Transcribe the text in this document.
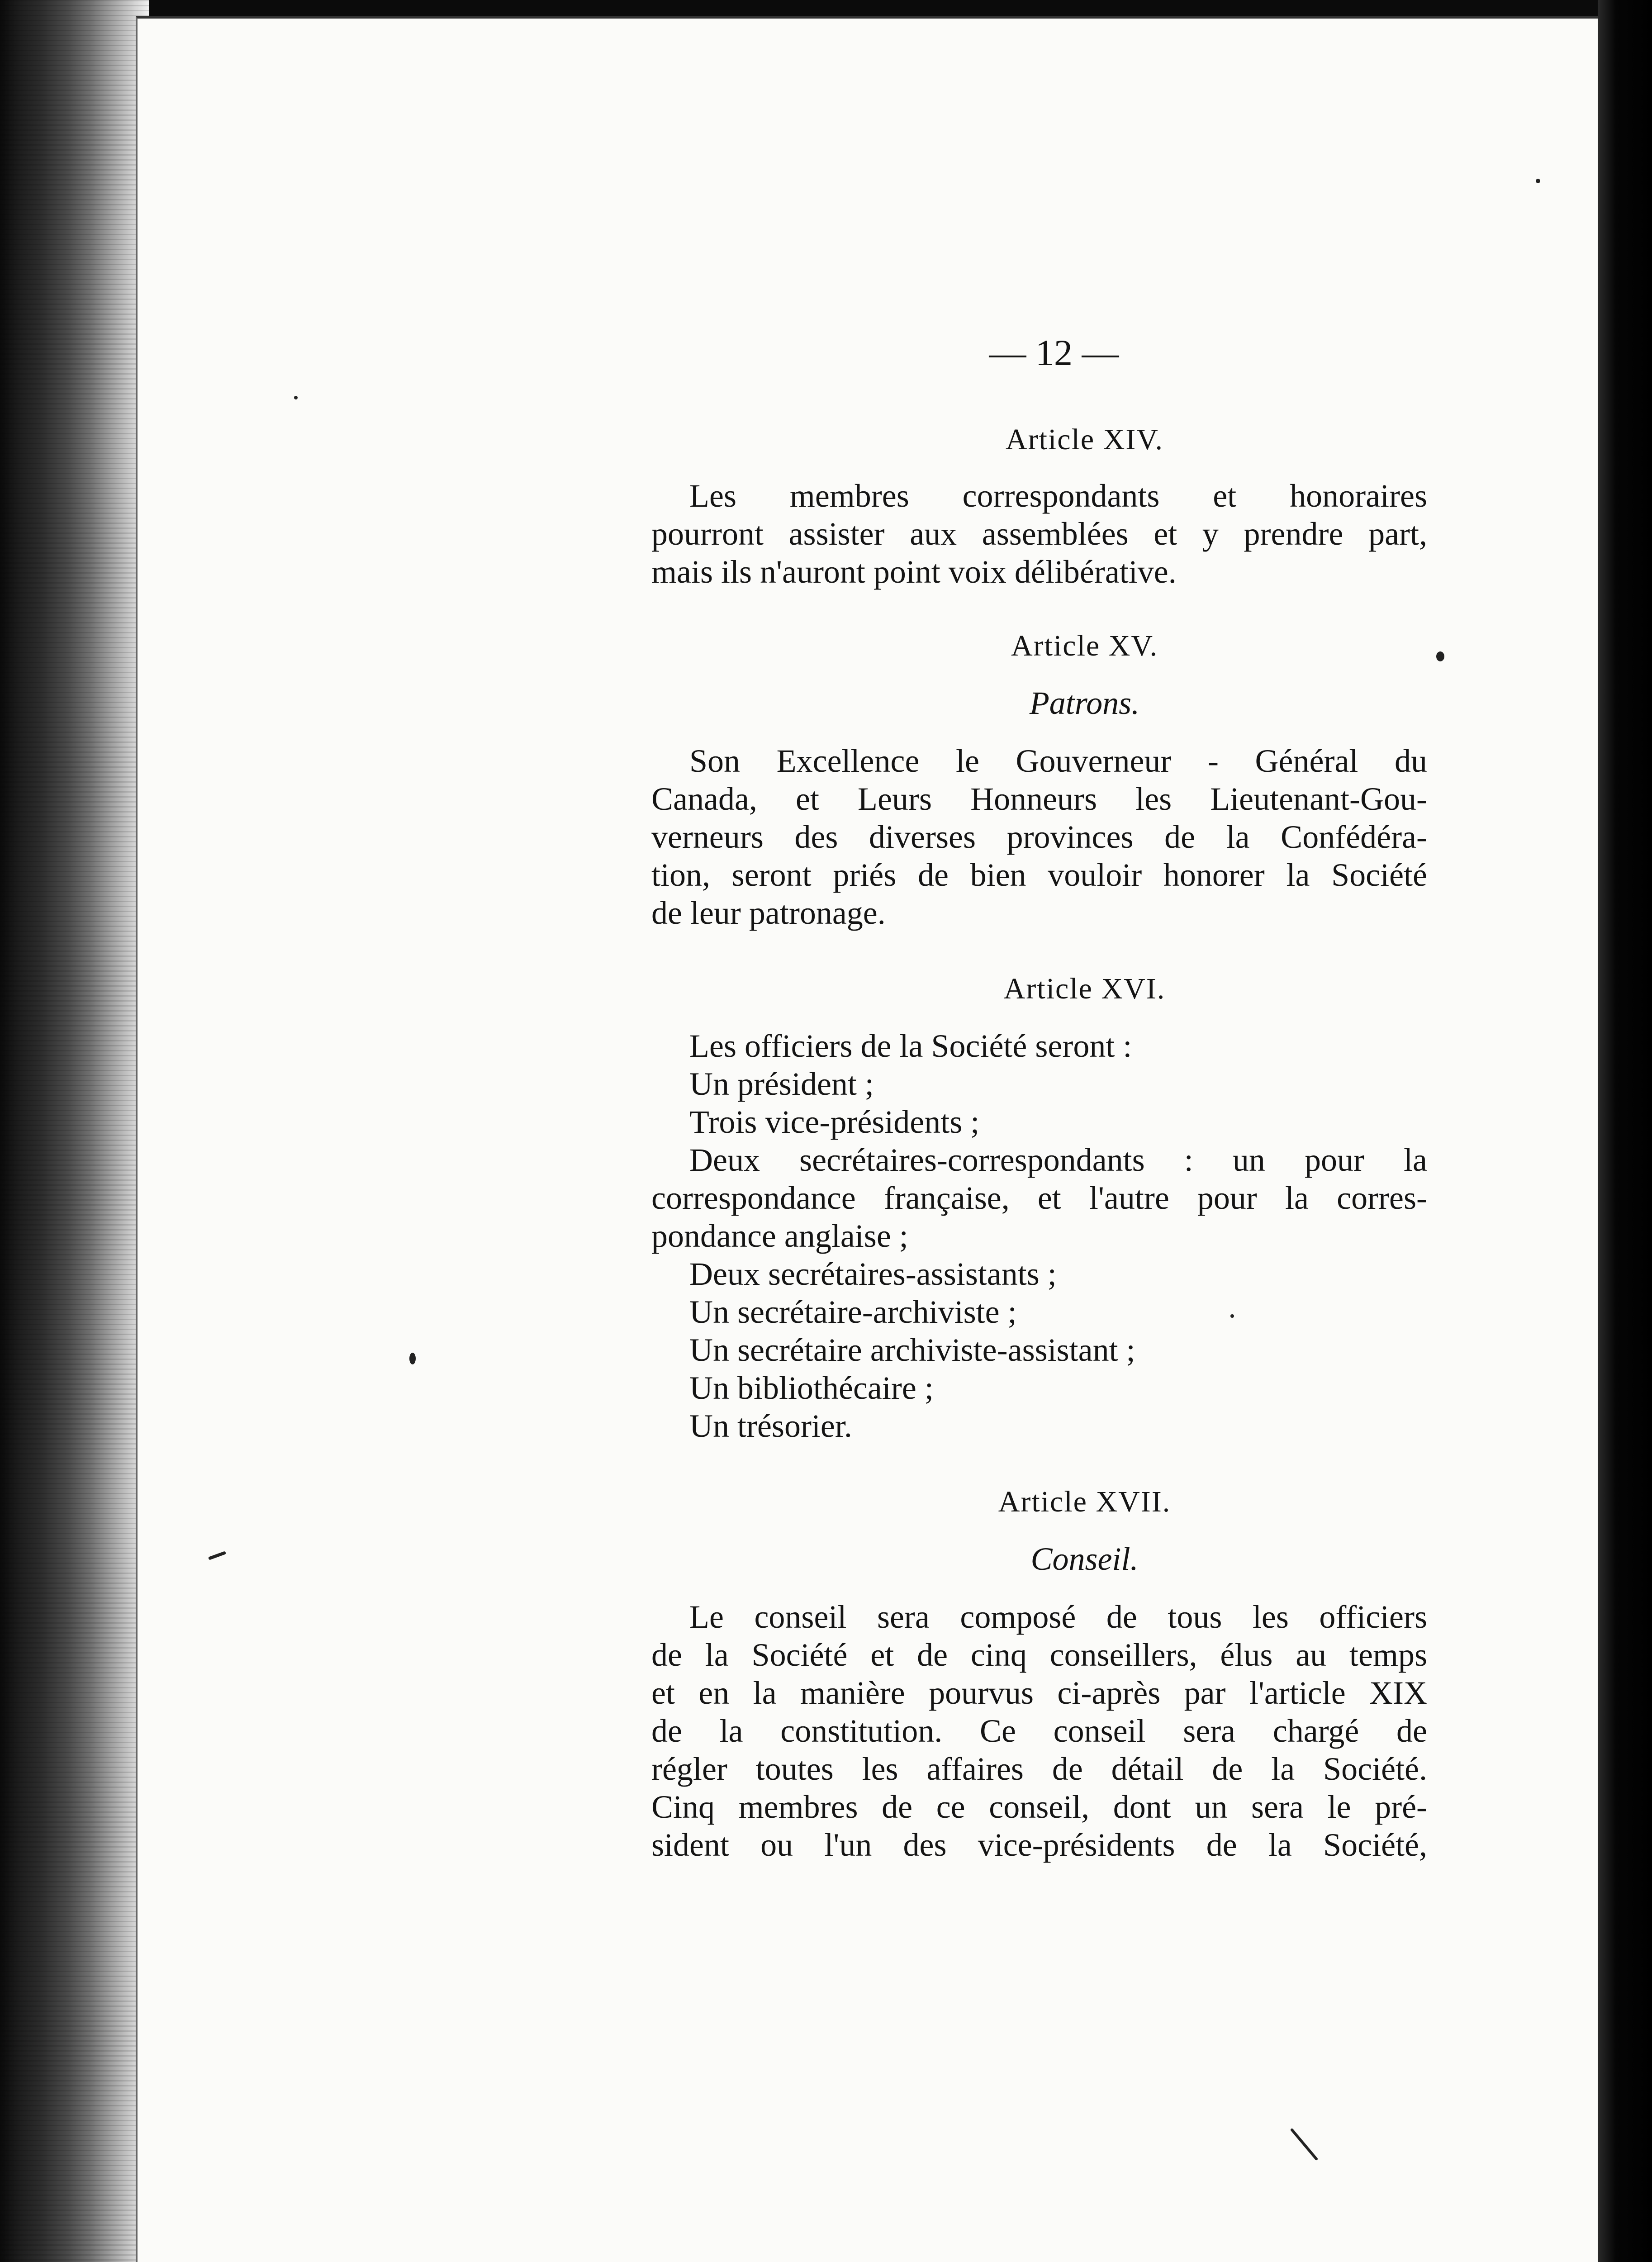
— 12 —

Article XIV.

Les membres correspondants et honoraires
pourront assister aux assemblées et y prendre part,
mais ils n'auront point voix délibérative.

Article XV.

Patrons.

Son Excellence le Gouverneur - Général du
Canada, et Leurs Honneurs les Lieutenant-Gou-
verneurs des diverses provinces de la Confédéra-
tion, seront priés de bien vouloir honorer la Société
de leur patronage.

Article XVI.

Les officiers de la Société seront :
Un président ;
Trois vice-présidents ;

Deux secrétaires-correspondants : un pour la
correspondance française, et l'autre pour la corres-
pondance anglaise ;

Deux secrétaires-assistants ;
Un secrétaire-archiviste ;
Un secrétaire archiviste-assistant ;
Un bibliothécaire ;
Un trésorier.

Article XVII.

Conseil.

Le conseil sera composé de tous les officiers
de la Société et de cinq conseillers, élus au temps
et en la manière pourvus ci-après par l'article XIX
de la constitution. Ce conseil sera chargé de
régler toutes les affaires de détail de la Société.
Cinq membres de ce conseil, dont un sera le pré-
sident ou l'un des vice-présidents de la Société,
